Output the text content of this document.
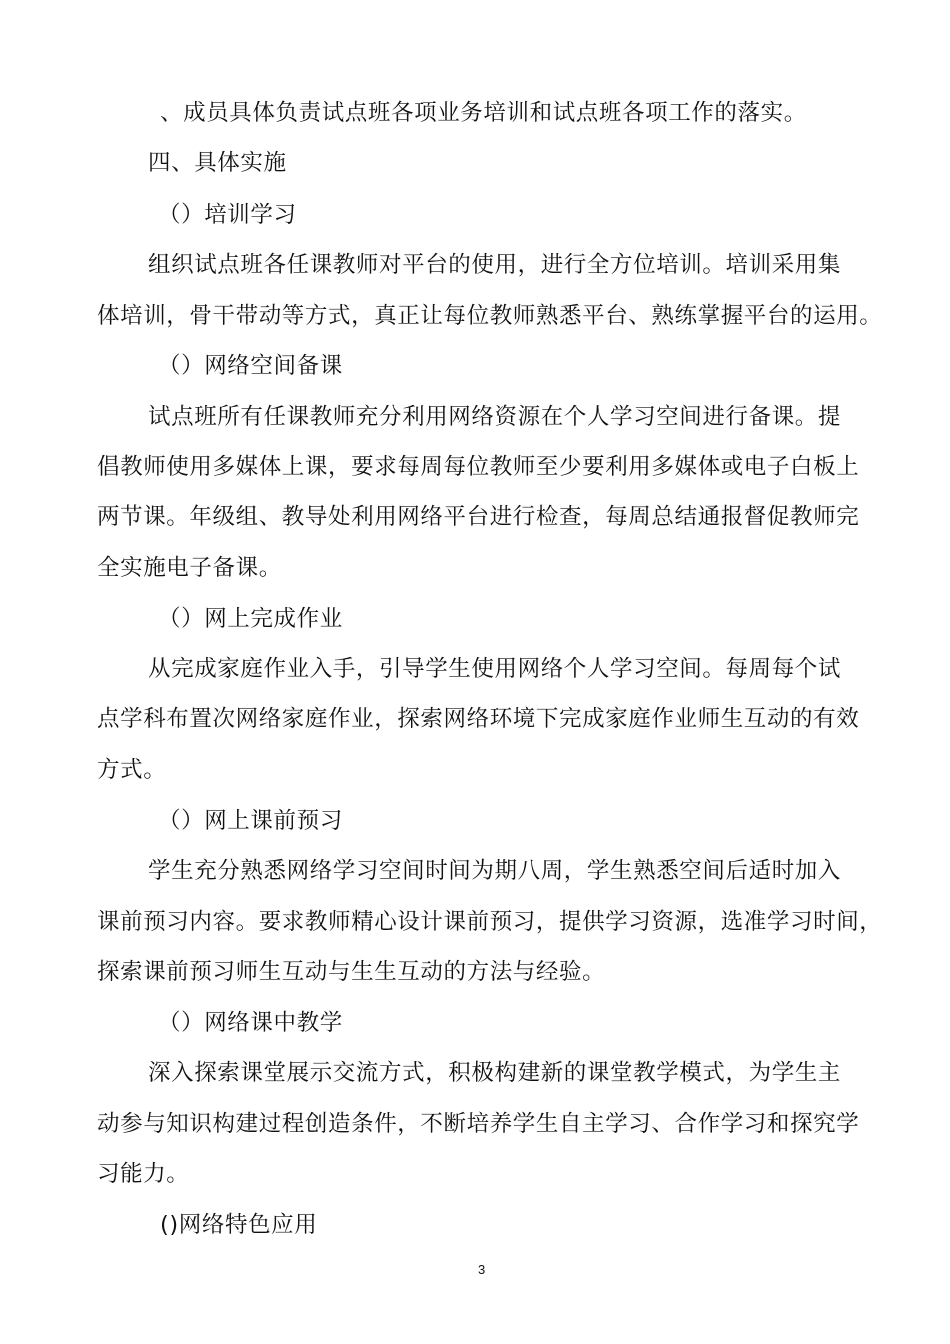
、成员具体负责试点班各项业务培训和试点班各项工作的落实。
四、具体实施
（）培训学习
组织试点班各任课教师对平台的使用，进行全方位培训。培训采用集
体培训，骨干带动等方式，真正让每位教师熟悉平台、熟练掌握平台的运用。
（）网络空间备课
试点班所有任课教师充分利用网络资源在个人学习空间进行备课。提
倡教师使用多媒体上课，要求每周每位教师至少要利用多媒体或电子白板上
两节课。年级组、教导处利用网络平台进行检查，每周总结通报督促教师完
全实施电子备课。
（）网上完成作业
从完成家庭作业入手，引导学生使用网络个人学习空间。每周每个试
点学科布置次网络家庭作业，探索网络环境下完成家庭作业师生互动的有效
方式。
（）网上课前预习
学生充分熟悉网络学习空间时间为期八周，学生熟悉空间后适时加入
课前预习内容。要求教师精心设计课前预习，提供学习资源，选准学习时间，
探索课前预习师生互动与生生互动的方法与经验。
（）网络课中教学
深入探索课堂展示交流方式，积极构建新的课堂教学模式，为学生主
动参与知识构建过程创造条件，不断培养学生自主学习、合作学习和探究学
习能力。
()网络特色应用
3
